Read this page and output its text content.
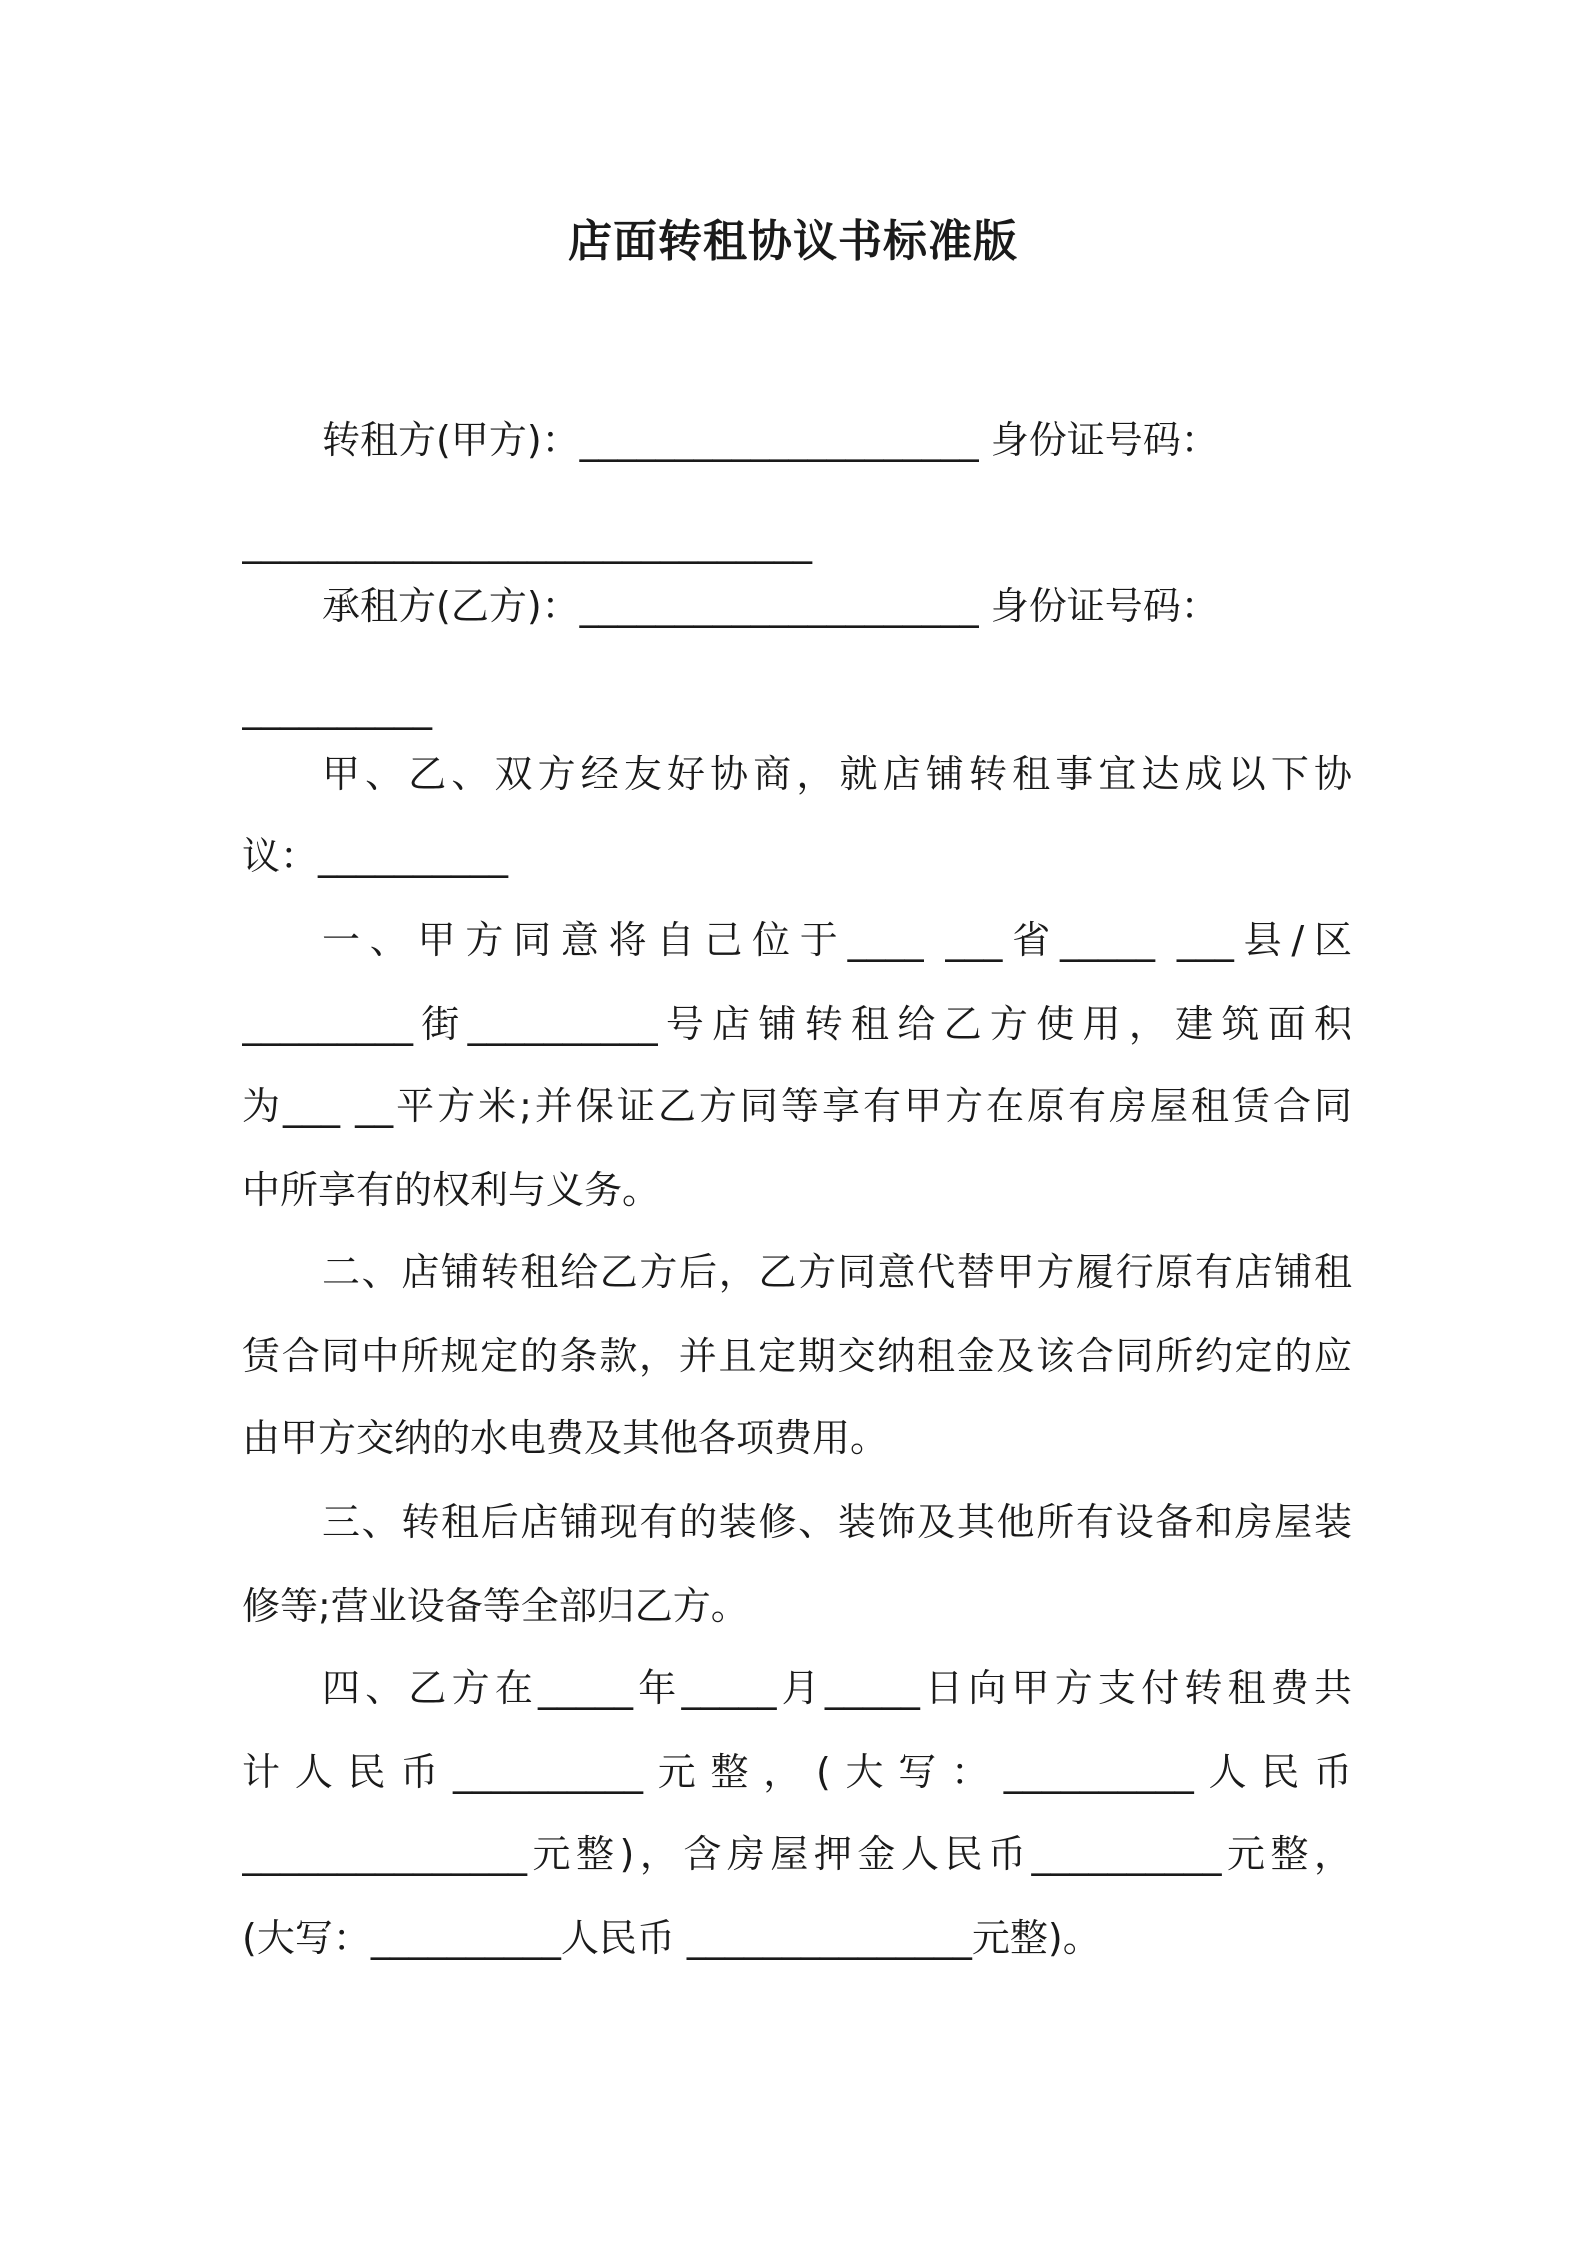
店面转租协议书标准版
转租方(甲方)：_____________________ 身份证号码：
______________________________
承租方(乙方)：_____________________ 身份证号码：
__________
甲、乙、双方经友好协商，就店铺转租事宜达成以下协
议：__________
一、甲方同意将自己位于____ ___省_____ ___县/区
_________街__________号店铺转租给乙方使用，建筑面积
为___ __平方米;并保证乙方同等享有甲方在原有房屋租赁合同
中所享有的权利与义务。
二、店铺转租给乙方后，乙方同意代替甲方履行原有店铺租
赁合同中所规定的条款，并且定期交纳租金及该合同所约定的应
由甲方交纳的水电费及其他各项费用。
三、转租后店铺现有的装修、装饰及其他所有设备和房屋装
修等;营业设备等全部归乙方。
四、乙方在_____年_____月_____日向甲方支付转租费共
计人民币__________元整，(大写：__________人民币
_______________元整)，含房屋押金人民币__________元整，
(大写：__________人民币 _______________元整)。
